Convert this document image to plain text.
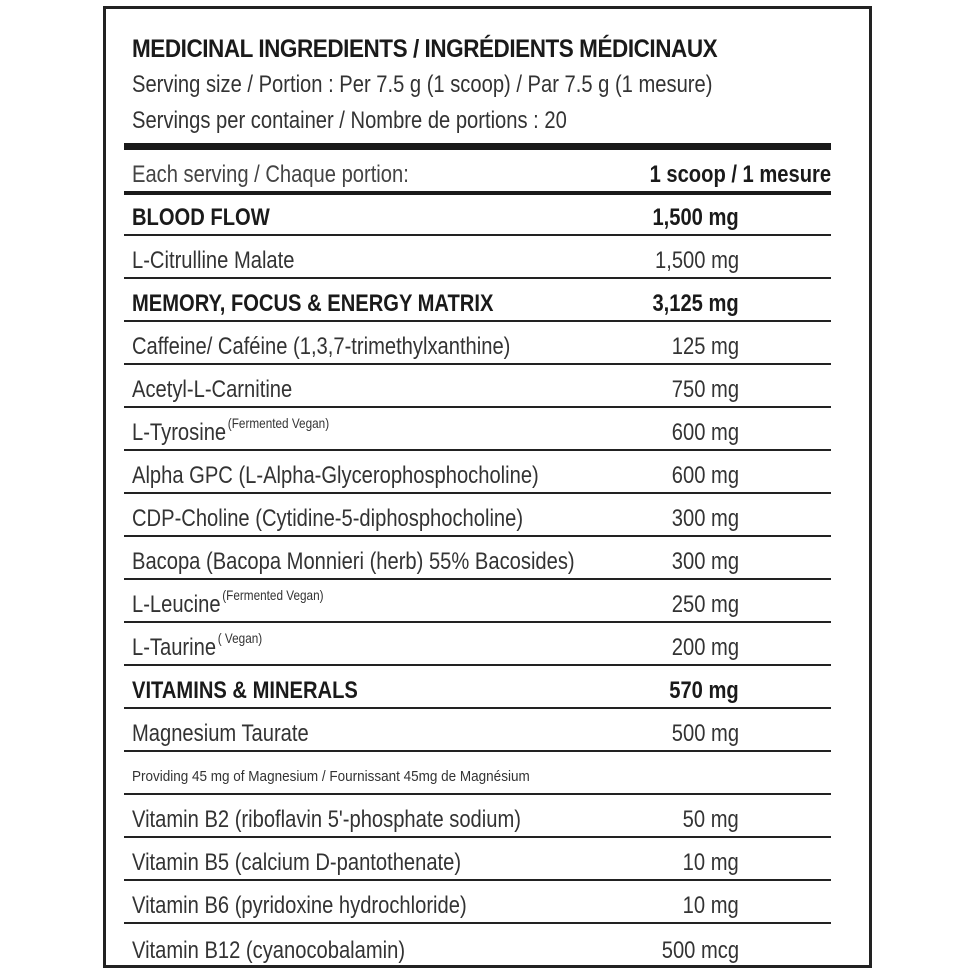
MEDICINAL INGREDIENTS / INGRÉDIENTS MÉDICINAUX
Serving size / Portion : Per 7.5 g (1 scoop) / Par 7.5 g (1 mesure)
Servings per container / Nombre de portions : 20
Each serving / Chaque portion:	1 scoop / 1 mesure
BLOOD FLOW	1,500 mg
L-Citrulline Malate	1,500 mg
MEMORY, FOCUS & ENERGY MATRIX	3,125 mg
Caffeine/ Caféine (1,3,7-trimethylxanthine)	125 mg
Acetyl-L-Carnitine	750 mg
L-Tyrosine $^{(Fermented Vegan)}$	600 mg
Alpha GPC (L-Alpha-Glycerophosphocholine)	600 mg
CDP-Choline (Cytidine-5-diphosphocholine)	300 mg
Bacopa (Bacopa Monnieri (herb) 55% Bacosides)	300 mg
L-Leucine $^{(Fermented Vegan)}$	250 mg
L-Taurine $^{( Vegan)}$	200 mg
VITAMINS & MINERALS	570 mg
Magnesium Taurate	500 mg
Providing 45 mg of Magnesium / Fournissant 45mg de Magnésium
Vitamin B2 (riboflavin 5'-phosphate sodium)	50 mg
Vitamin B5 (calcium D-pantothenate)	10 mg
Vitamin B6 (pyridoxine hydrochloride)	10 mg
Vitamin B12 (cyanocobalamin)	500 mcg
